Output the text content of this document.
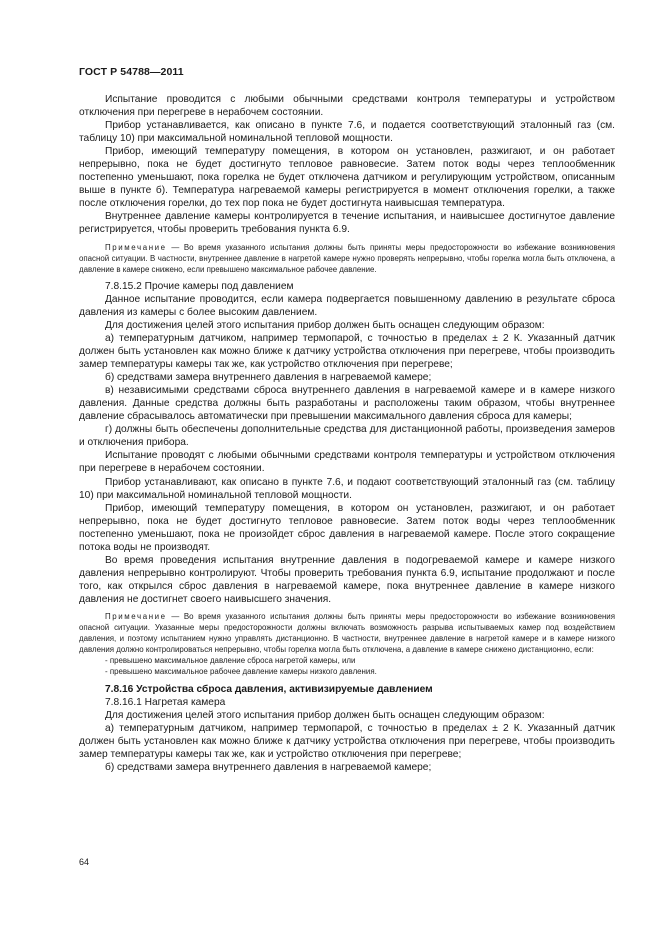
ГОСТ Р 54788—2011

Испытание проводится с любыми обычными средствами контроля температуры и устройством отключения при перегреве в нерабочем состоянии.

Прибор устанавливается, как описано в пункте 7.6, и подается соответствующий эталонный газ (см. таблицу 10) при максимальной номинальной тепловой мощности.

Прибор, имеющий температуру помещения, в котором он установлен, разжигают, и он работает непрерывно, пока не будет достигнуто тепловое равновесие. Затем поток воды через теплообменник постепенно уменьшают, пока горелка не будет отключена датчиком и регулирующим устройством, описанным выше в пункте б). Температура нагреваемой камеры регистрируется в момент отключения горелки, а также после отключения горелки, до тех пор пока не будет достигнута наивысшая температура.

Внутреннее давление камеры контролируется в течение испытания, и наивысшее достигнутое давление регистрируется, чтобы проверить требования пункта 6.9.

Примечание — Во время указанного испытания должны быть приняты меры предосторожности во избежание возникновения опасной ситуации. В частности, внутреннее давление в нагретой камере нужно проверять непрерывно, чтобы горелка могла быть отключена, а давление в камере снижено, если превышено максимальное рабочее давление.

7.8.15.2 Прочие камеры под давлением

Данное испытание проводится, если камера подвергается повышенному давлению в результате сброса давления из камеры с более высоким давлением.

Для достижения целей этого испытания прибор должен быть оснащен следующим образом:

а) температурным датчиком, например термопарой, с точностью в пределах ± 2 К. Указанный датчик должен быть установлен как можно ближе к датчику устройства отключения при перегреве, чтобы производить замер температуры камеры так же, как устройство отключения при перегреве;

б) средствами замера внутреннего давления в нагреваемой камере;

в) независимыми средствами сброса внутреннего давления в нагреваемой камере и в камере низкого давления. Данные средства должны быть разработаны и расположены таким образом, чтобы внутреннее давление сбрасывалось автоматически при превышении максимального давления сброса для камеры;

г) должны быть обеспечены дополнительные средства для дистанционной работы, произведения замеров и отключения прибора.

Испытание проводят с любыми обычными средствами контроля температуры и устройством отключения при перегреве в нерабочем состоянии.

Прибор устанавливают, как описано в пункте 7.6, и подают соответствующий эталонный газ (см. таблицу 10) при максимальной номинальной тепловой мощности.

Прибор, имеющий температуру помещения, в котором он установлен, разжигают, и он работает непрерывно, пока не будет достигнуто тепловое равновесие. Затем поток воды через теплообменник постепенно уменьшают, пока не произойдет сброс давления в нагреваемой камере. После этого сокращение потока воды не производят.

Во время проведения испытания внутренние давления в подогреваемой камере и камере низкого давления непрерывно контролируют. Чтобы проверить требования пункта 6.9, испытание продолжают и после того, как открылся сброс давления в нагреваемой камере, пока внутреннее давление в камере низкого давления не достигнет своего наивысшего значения.

Примечание — Во время указанного испытания должны быть приняты меры предосторожности во избежание возникновения опасной ситуации. Указанные меры предосторожности должны включать возможность разрыва испытываемых камер под воздействием давления, и поэтому испытанием нужно управлять дистанционно. В частности, внутреннее давление в нагретой камере и в камере низкого давления должно контролироваться непрерывно, чтобы горелка могла быть отключена, а давление в камере снижено дистанционно, если:

- превышено максимальное давление сброса нагретой камеры, или

- превышено максимальное рабочее давление камеры низкого давления.

7.8.16 Устройства сброса давления, активизируемые давлением

7.8.16.1 Нагретая камера

Для достижения целей этого испытания прибор должен быть оснащен следующим образом:

а) температурным датчиком, например термопарой, с точностью в пределах ± 2 К. Указанный датчик должен быть установлен как можно ближе к датчику устройства отключения при перегреве, чтобы производить замер температуры камеры так же, как и устройство отключения при перегреве;

б) средствами замера внутреннего давления в нагреваемой камере;

64
